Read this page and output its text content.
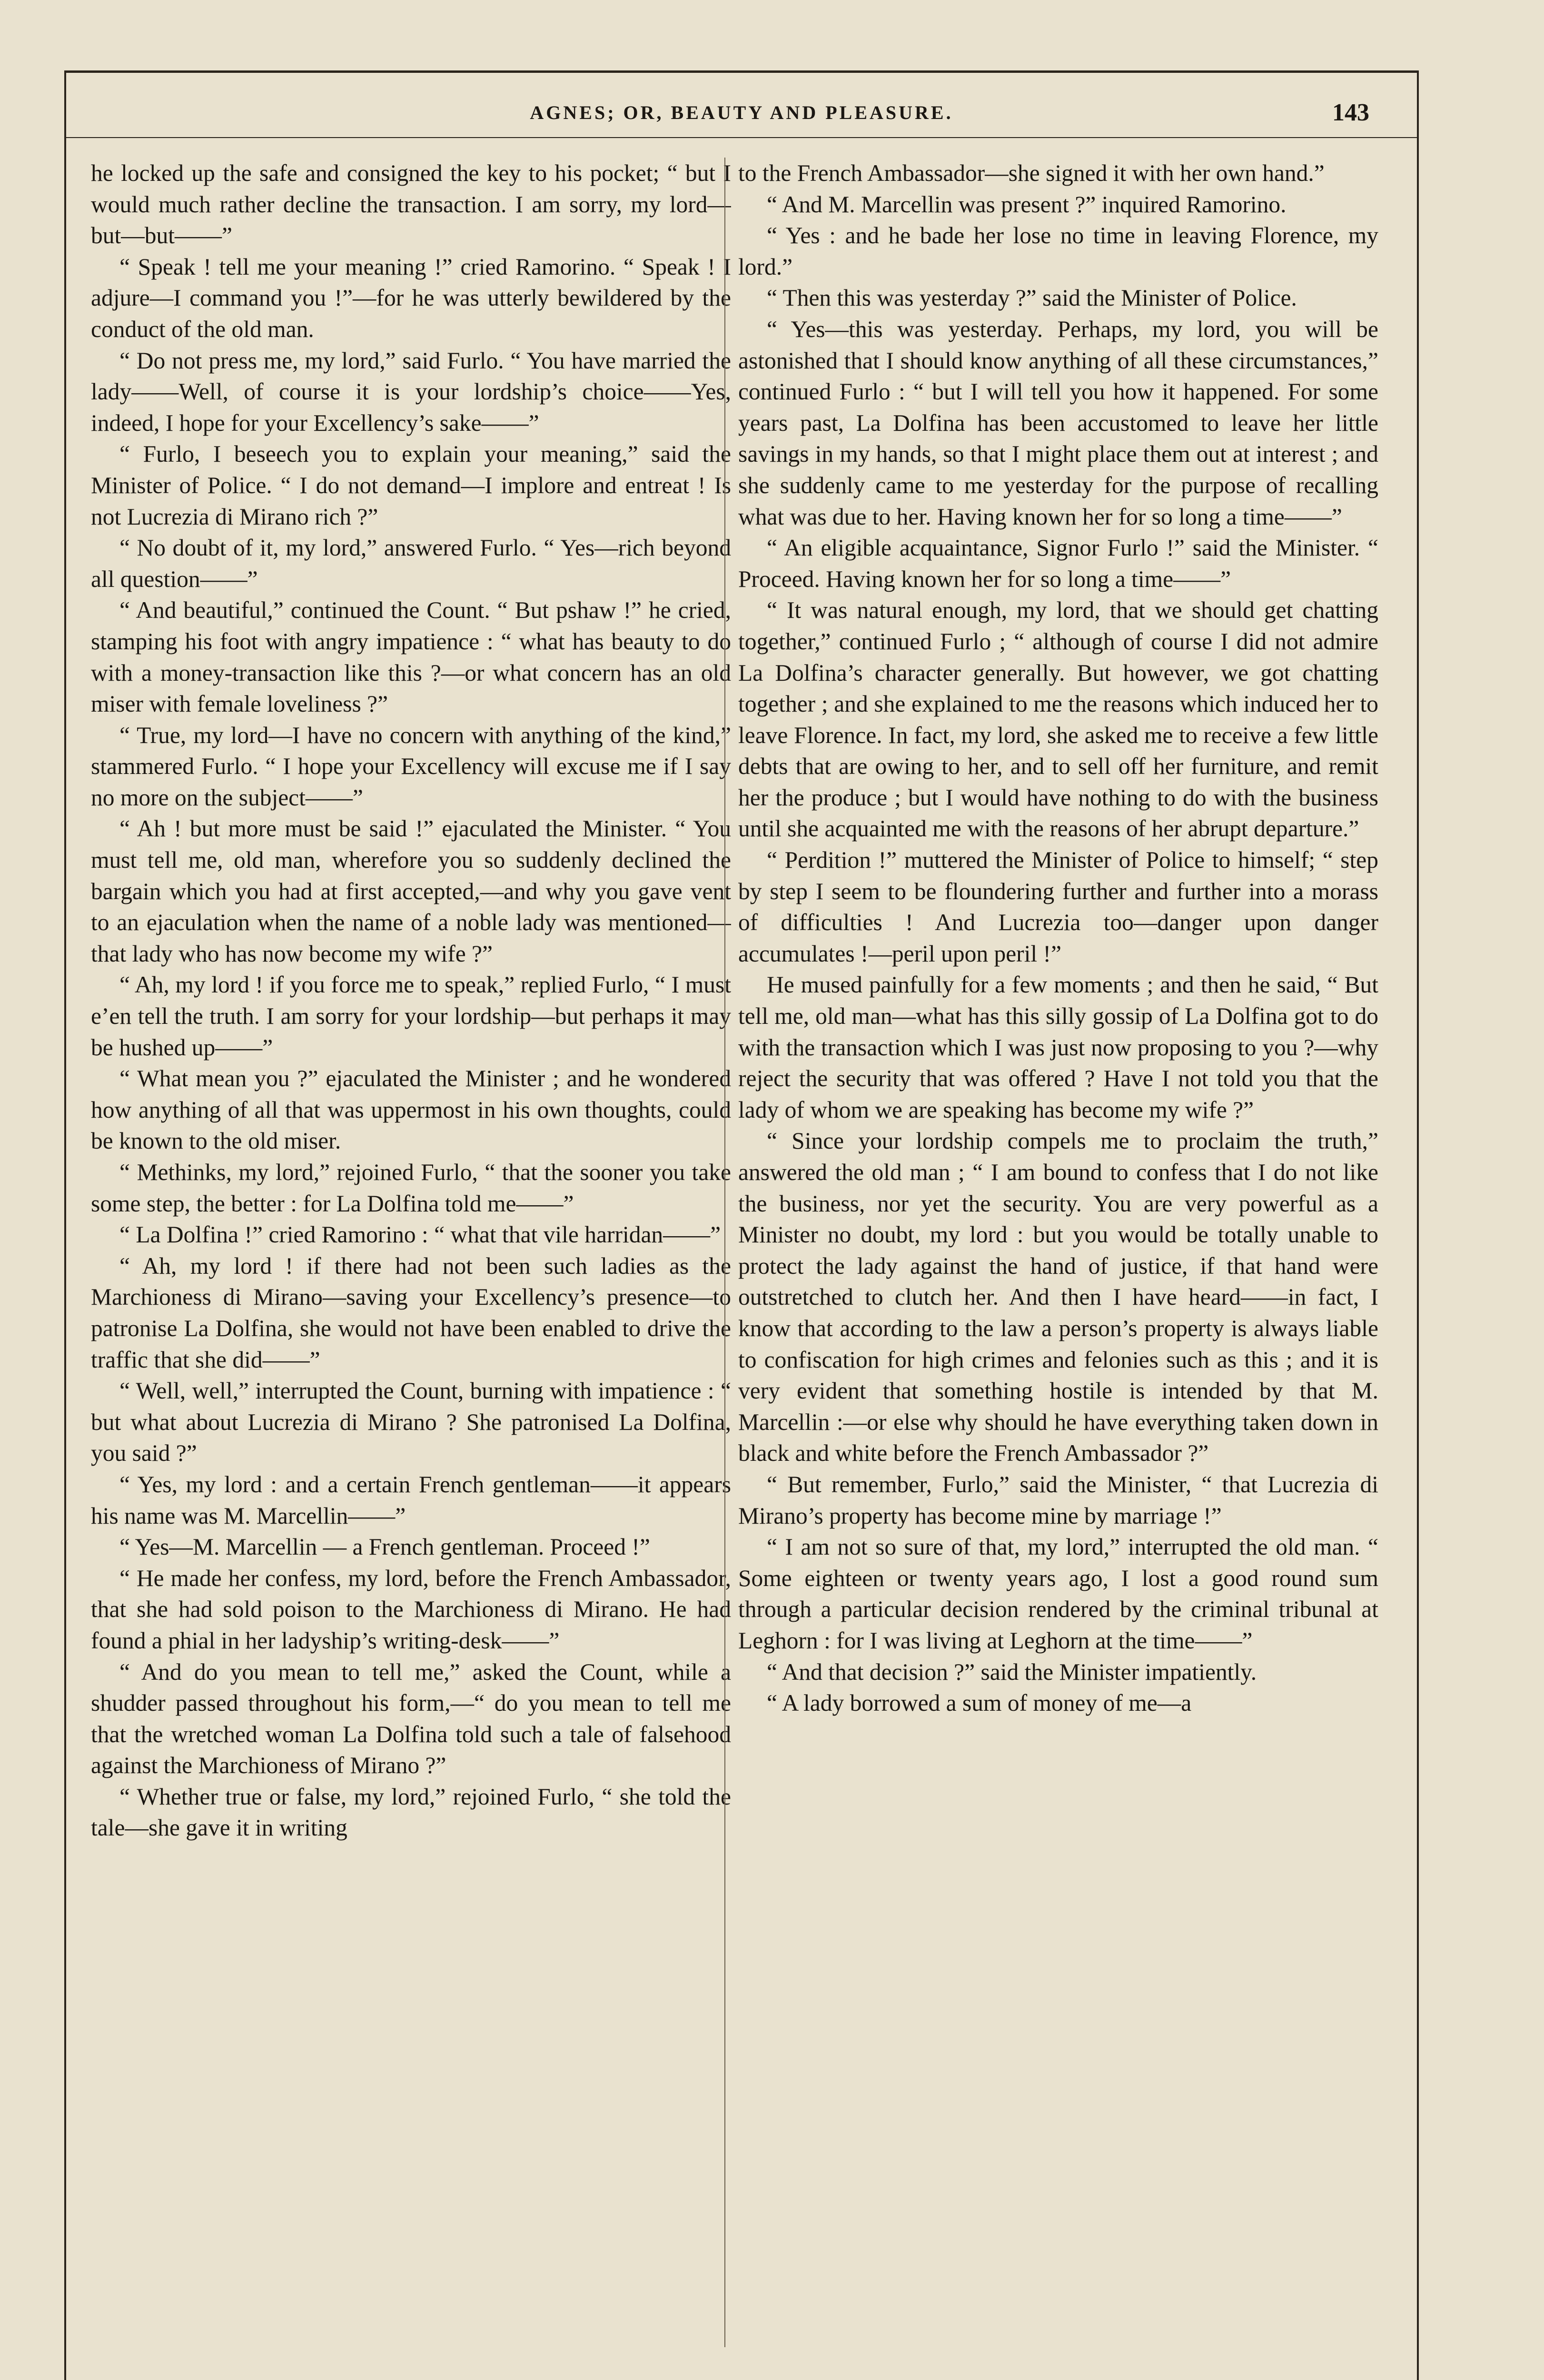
AGNES; OR, BEAUTY AND PLEASURE.	143

he locked up the safe and consigned the key to his pocket; “ but I would much rather decline the transaction. I am sorry, my lord—but—but——”

“ Speak ! tell me your meaning !” cried Ramorino. “ Speak ! I adjure—I command you !”—for he was utterly bewildered by the conduct of the old man.

“ Do not press me, my lord,” said Furlo. “ You have married the lady——Well, of course it is your lordship’s choice——Yes, indeed, I hope for your Excellency’s sake——”

“ Furlo, I beseech you to explain your meaning,” said the Minister of Police. “ I do not demand—I implore and entreat ! Is not Lucrezia di Mirano rich ?”

“ No doubt of it, my lord,” answered Furlo. “ Yes—rich beyond all question——”

“ And beautiful,” continued the Count. “ But pshaw !” he cried, stamping his foot with angry impatience : “ what has beauty to do with a money-transaction like this ?—or what concern has an old miser with female loveliness ?”

“ True, my lord—I have no concern with anything of the kind,” stammered Furlo. “ I hope your Excellency will excuse me if I say no more on the subject——”

“ Ah ! but more must be said !” ejaculated the Minister. “ You must tell me, old man, wherefore you so suddenly declined the bargain which you had at first accepted,—and why you gave vent to an ejaculation when the name of a noble lady was mentioned—that lady who has now become my wife ?”

“ Ah, my lord ! if you force me to speak,” replied Furlo, “ I must e’en tell the truth. I am sorry for your lordship—but perhaps it may be hushed up——”

“ What mean you ?” ejaculated the Minister ; and he wondered how anything of all that was uppermost in his own thoughts, could be known to the old miser.

“ Methinks, my lord,” rejoined Furlo, “ that the sooner you take some step, the better : for La Dolfina told me——”

“ La Dolfina !” cried Ramorino : “ what that vile harridan——”

“ Ah, my lord ! if there had not been such ladies as the Marchioness di Mirano—saving your Excellency’s presence—to patronise La Dolfina, she would not have been enabled to drive the traffic that she did——”

“ Well, well,” interrupted the Count, burning with impatience : “ but what about Lucrezia di Mirano ? She patronised La Dolfina, you said ?”

“ Yes, my lord : and a certain French gentleman——it appears his name was M. Marcellin——”

“ Yes—M. Marcellin — a French gentleman. Proceed !”

“ He made her confess, my lord, before the French Ambassador, that she had sold poison to the Marchioness di Mirano. He had found a phial in her ladyship’s writing-desk——”

“ And do you mean to tell me,” asked the Count, while a shudder passed throughout his form,—“ do you mean to tell me that the wretched woman La Dolfina told such a tale of falsehood against the Marchioness of Mirano ?”

“ Whether true or false, my lord,” rejoined Furlo, “ she told the tale—she gave it in writing

to the French Ambassador—she signed it with her own hand.”

“ And M. Marcellin was present ?” inquired Ramorino.

“ Yes : and he bade her lose no time in leaving Florence, my lord.”

“ Then this was yesterday ?” said the Minister of Police.

“ Yes—this was yesterday. Perhaps, my lord, you will be astonished that I should know anything of all these circumstances,” continued Furlo : “ but I will tell you how it happened. For some years past, La Dolfina has been accustomed to leave her little savings in my hands, so that I might place them out at interest ; and she suddenly came to me yesterday for the purpose of recalling what was due to her. Having known her for so long a time——”

“ An eligible acquaintance, Signor Furlo !” said the Minister. “ Proceed. Having known her for so long a time——”

“ It was natural enough, my lord, that we should get chatting together,” continued Furlo ; “ although of course I did not admire La Dolfina’s character generally. But however, we got chatting together ; and she explained to me the reasons which induced her to leave Florence. In fact, my lord, she asked me to receive a few little debts that are owing to her, and to sell off her furniture, and remit her the produce ; but I would have nothing to do with the business until she acquainted me with the reasons of her abrupt departure.”

“ Perdition !” muttered the Minister of Police to himself; “ step by step I seem to be floundering further and further into a morass of difficulties ! And Lucrezia too—danger upon danger accumulates !—peril upon peril !”

He mused painfully for a few moments ; and then he said, “ But tell me, old man—what has this silly gossip of La Dolfina got to do with the transaction which I was just now proposing to you ?—why reject the security that was offered ? Have I not told you that the lady of whom we are speaking has become my wife ?”

“ Since your lordship compels me to proclaim the truth,” answered the old man ; “ I am bound to confess that I do not like the business, nor yet the security. You are very powerful as a Minister no doubt, my lord : but you would be totally unable to protect the lady against the hand of justice, if that hand were outstretched to clutch her. And then I have heard——in fact, I know that according to the law a person’s property is always liable to confiscation for high crimes and felonies such as this ; and it is very evident that something hostile is intended by that M. Marcellin :—or else why should he have everything taken down in black and white before the French Ambassador ?”

“ But remember, Furlo,” said the Minister, “ that Lucrezia di Mirano’s property has become mine by marriage !”

“ I am not so sure of that, my lord,” interrupted the old man. “ Some eighteen or twenty years ago, I lost a good round sum through a particular decision rendered by the criminal tribunal at Leghorn : for I was living at Leghorn at the time——”

“ And that decision ?” said the Minister impatiently.

“ A lady borrowed a sum of money of me—a
